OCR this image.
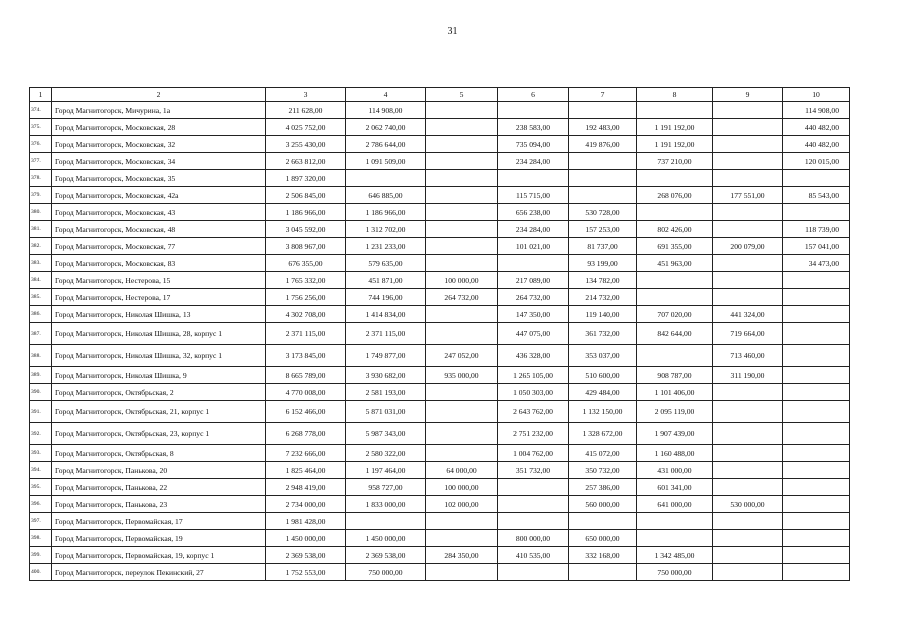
31
1	2	3	4	5	6	7	8	9	10
374.	Город Магнитогорск, Мичурина, 1а	211 628,00	114 908,00						114 908,00
375.	Город Магнитогорск, Московская, 28	4 025 752,00	2 062 740,00		238 583,00	192 483,00	1 191 192,00		440 482,00
376.	Город Магнитогорск, Московская, 32	3 255 430,00	2 786 644,00		735 094,00	419 876,00	1 191 192,00		440 482,00
377.	Город Магнитогорск, Московская, 34	2 663 812,00	1 091 509,00		234 284,00		737 210,00		120 015,00
378.	Город Магнитогорск, Московская, 35	1 897 320,00							
379.	Город Магнитогорск, Московская, 42а	2 506 845,00	646 885,00		115 715,00		268 076,00	177 551,00	85 543,00
380.	Город Магнитогорск, Московская, 43	1 186 966,00	1 186 966,00		656 238,00	530 728,00			
381.	Город Магнитогорск, Московская, 48	3 045 592,00	1 312 702,00		234 284,00	157 253,00	802 426,00		118 739,00
382.	Город Магнитогорск, Московская, 77	3 808 967,00	1 231 233,00		101 021,00	81 737,00	691 355,00	200 079,00	157 041,00
383.	Город Магнитогорск, Московская, 83	676 355,00	579 635,00			93 199,00	451 963,00		34 473,00
384.	Город Магнитогорск, Нестерова, 15	1 765 332,00	451 871,00	100 000,00	217 089,00	134 782,00			
385.	Город Магнитогорск, Нестерова, 17	1 756 256,00	744 196,00	264 732,00	264 732,00	214 732,00			
386.	Город Магнитогорск, Николая Шишка, 13	4 302 708,00	1 414 834,00		147 350,00	119 140,00	707 020,00	441 324,00	
387.	Город Магнитогорск, Николая Шишка, 28, корпус 1	2 371 115,00	2 371 115,00		447 075,00	361 732,00	842 644,00	719 664,00	
388.	Город Магнитогорск, Николая Шишка, 32, корпус 1	3 173 845,00	1 749 877,00	247 052,00	436 328,00	353 037,00		713 460,00	
389.	Город Магнитогорск, Николая Шишка, 9	8 665 789,00	3 930 682,00	935 000,00	1 265 105,00	510 600,00	908 787,00	311 190,00	
390.	Город Магнитогорск, Октябрьская, 2	4 770 008,00	2 581 193,00		1 050 303,00	429 484,00	1 101 406,00		
391.	Город Магнитогорск, Октябрьская, 21, корпус 1	6 152 466,00	5 871 031,00		2 643 762,00	1 132 150,00	2 095 119,00		
392.	Город Магнитогорск, Октябрьская, 23, корпус 1	6 268 778,00	5 987 343,00		2 751 232,00	1 328 672,00	1 907 439,00		
393.	Город Магнитогорск, Октябрьская, 8	7 232 666,00	2 580 322,00		1 004 762,00	415 072,00	1 160 488,00		
394.	Город Магнитогорск, Панькова, 20	1 825 464,00	1 197 464,00	64 000,00	351 732,00	350 732,00	431 000,00		
395.	Город Магнитогорск, Панькова, 22	2 948 419,00	958 727,00	100 000,00		257 386,00	601 341,00		
396.	Город Магнитогорск, Панькова, 23	2 734 000,00	1 833 000,00	102 000,00		560 000,00	641 000,00	530 000,00	
397.	Город Магнитогорск, Первомайская, 17	1 981 428,00							
398.	Город Магнитогорск, Первомайская, 19	1 450 000,00	1 450 000,00		800 000,00	650 000,00			
399.	Город Магнитогорск, Первомайская, 19, корпус 1	2 369 538,00	2 369 538,00	284 350,00	410 535,00	332 168,00	1 342 485,00		
400.	Город Магнитогорск, переулок Пекинский, 27	1 752 553,00	750 000,00				750 000,00		
